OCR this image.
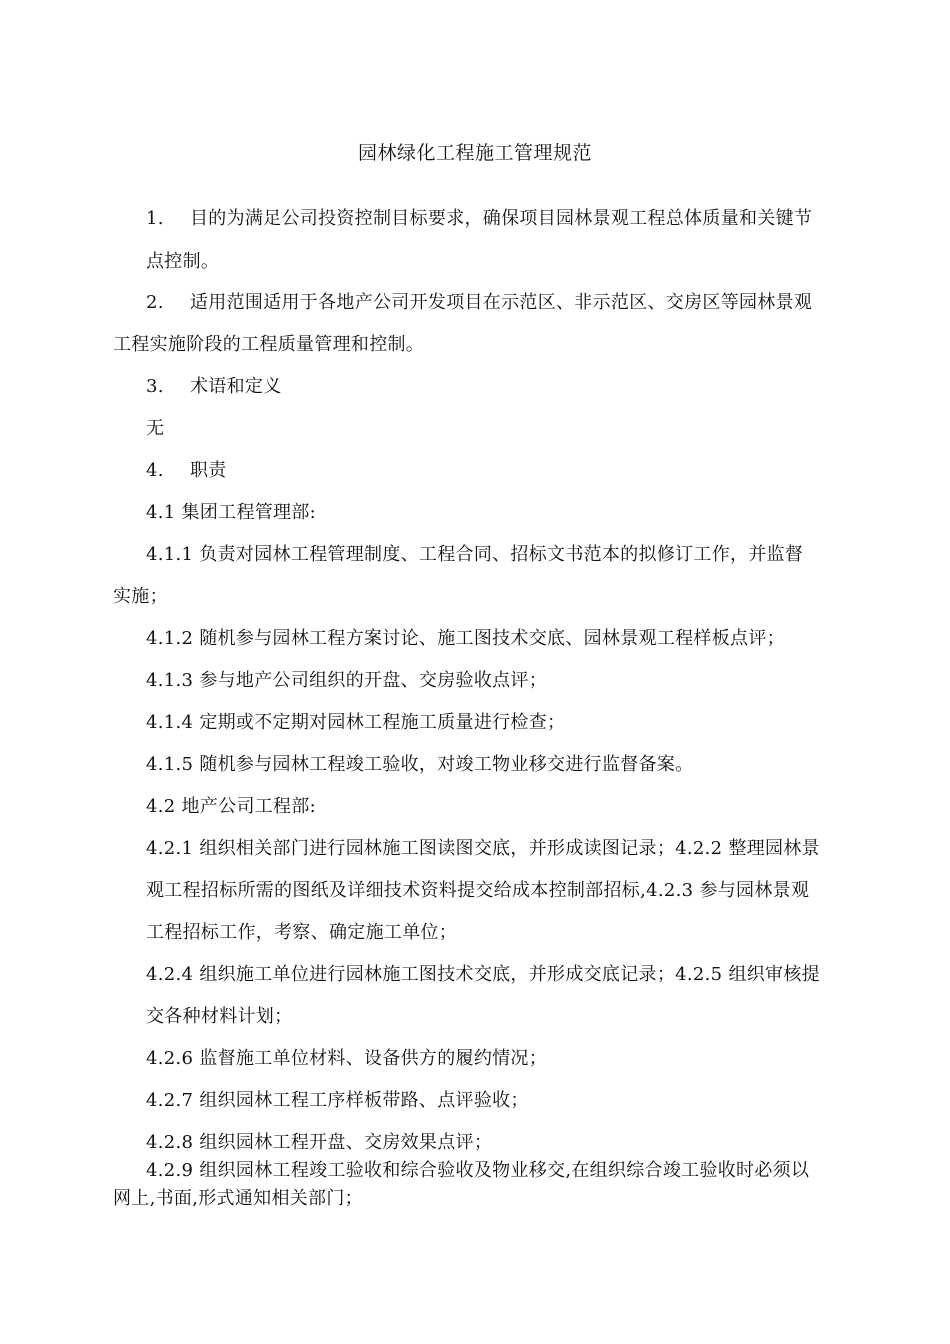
园林绿化工程施工管理规范
1. 目的为满足公司投资控制目标要求，确保项目园林景观工程总体质量和关键节
点控制。
2. 适用范围适用于各地产公司开发项目在示范区、非示范区、交房区等园林景观
工程实施阶段的工程质量管理和控制。
3. 术语和定义
无
4. 职责
4.1 集团工程管理部:
4.1.1 负责对园林工程管理制度、工程合同、招标文书范本的拟修订工作，并监督
实施；
4.1.2 随机参与园林工程方案讨论、施工图技术交底、园林景观工程样板点评；
4.1.3 参与地产公司组织的开盘、交房验收点评；
4.1.4 定期或不定期对园林工程施工质量进行检查；
4.1.5 随机参与园林工程竣工验收，对竣工物业移交进行监督备案。
4.2 地产公司工程部:
4.2.1 组织相关部门进行园林施工图读图交底，并形成读图记录；4.2.2 整理园林景
观工程招标所需的图纸及详细技术资料提交给成本控制部招标,4.2.3 参与园林景观
工程招标工作，考察、确定施工单位；
4.2.4 组织施工单位进行园林施工图技术交底，并形成交底记录；4.2.5 组织审核提
交各种材料计划；
4.2.6 监督施工单位材料、设备供方的履约情况；
4.2.7 组织园林工程工序样板带路、点评验收；
4.2.8 组织园林工程开盘、交房效果点评；
4.2.9 组织园林工程竣工验收和综合验收及物业移交,在组织综合竣工验收时必须以
网上,书面,形式通知相关部门；
